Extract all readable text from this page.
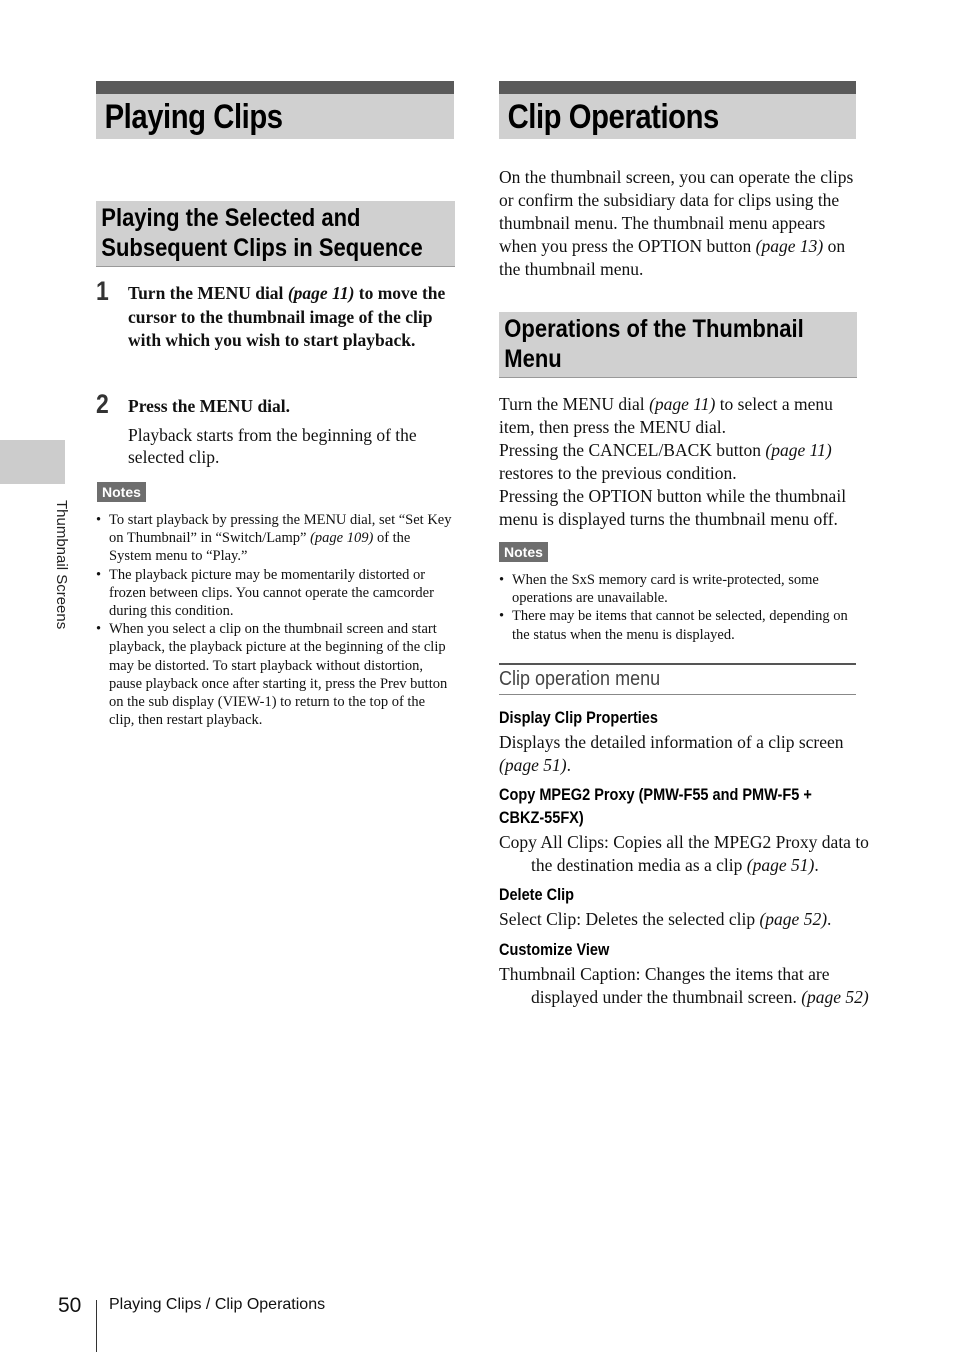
Thumbnail Screens
Playing Clips
Playing the Selected and
Subsequent Clips in Sequence
1 Turn the MENU dial (page 11) to move the cursor to the thumbnail image of the clip with which you wish to start playback.
2 Press the MENU dial.
Playback starts from the beginning of the selected clip.
Notes
• To start playback by pressing the MENU dial, set “Set Key on Thumbnail” in “Switch/Lamp” (page 109) of the System menu to “Play.”
• The playback picture may be momentarily distorted or frozen between clips. You cannot operate the camcorder during this condition.
• When you select a clip on the thumbnail screen and start playback, the playback picture at the beginning of the clip may be distorted. To start playback without distortion, pause playback once after starting it, press the Prev button on the sub display (VIEW-1) to return to the top of the clip, then restart playback.
Clip Operations
On the thumbnail screen, you can operate the clips or confirm the subsidiary data for clips using the thumbnail menu. The thumbnail menu appears when you press the OPTION button (page 13) on the thumbnail menu.
Operations of the Thumbnail
Menu
Turn the MENU dial (page 11) to select a menu item, then press the MENU dial.
Pressing the CANCEL/BACK button (page 11) restores to the previous condition.
Pressing the OPTION button while the thumbnail menu is displayed turns the thumbnail menu off.
Notes
• When the SxS memory card is write-protected, some operations are unavailable.
• There may be items that cannot be selected, depending on the status when the menu is displayed.
Clip operation menu
Display Clip Properties
Displays the detailed information of a clip screen (page 51).
Copy MPEG2 Proxy (PMW-F55 and PMW-F5 +
CBKZ-55FX)
Copy All Clips: Copies all the MPEG2 Proxy data to the destination media as a clip (page 51).
Delete Clip
Select Clip: Deletes the selected clip (page 52).
Customize View
Thumbnail Caption: Changes the items that are displayed under the thumbnail screen. (page 52)
50 Playing Clips / Clip Operations
